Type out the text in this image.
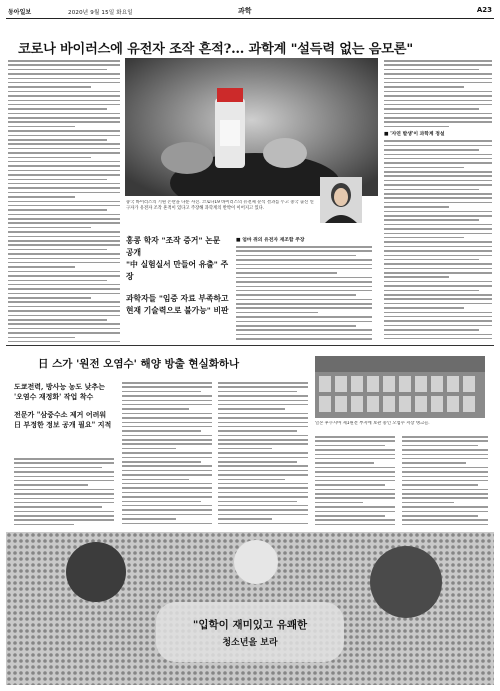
동아일보	2020년 9월 15일 화요일	과학	A23
코로나 바이러스에 유전자 조작 흔적?… 과학계 "설득력 없는 음모론"
중국 바이러스의 기원 논란을 다룬 사진. 코로나19 바이러스의 유전체 분석 결과를 두고 중국 출신 연구자가 유전자 조작 흔적이 있다고 주장해 과학계의 반박이 이어지고 있다.
홍콩 학자 "조작 증거" 논문 공개
"中 실험실서 만들어 유출" 주장
과학자들 "임증 자료 부족하고
현재 기술력으로 불가능" 비판
■ 엄마 쥐의 유전자 재조합 주장
■ '자연 발생'이 과학계 정설
日 스가 '원전 오염수' 해양 방출 현실화하나
도쿄전력, 방사능 농도 낮추는
'오염수 재정화' 작업 착수
전문가 "삼중수소 제거 어려워
日 부정한 정보 공개 필요" 지적	일본 후쿠시마 제1원전 부지에 보관 중인 오염수 저장 탱크들.
"입학이 재미있고 유쾌한
청소년을 보라
